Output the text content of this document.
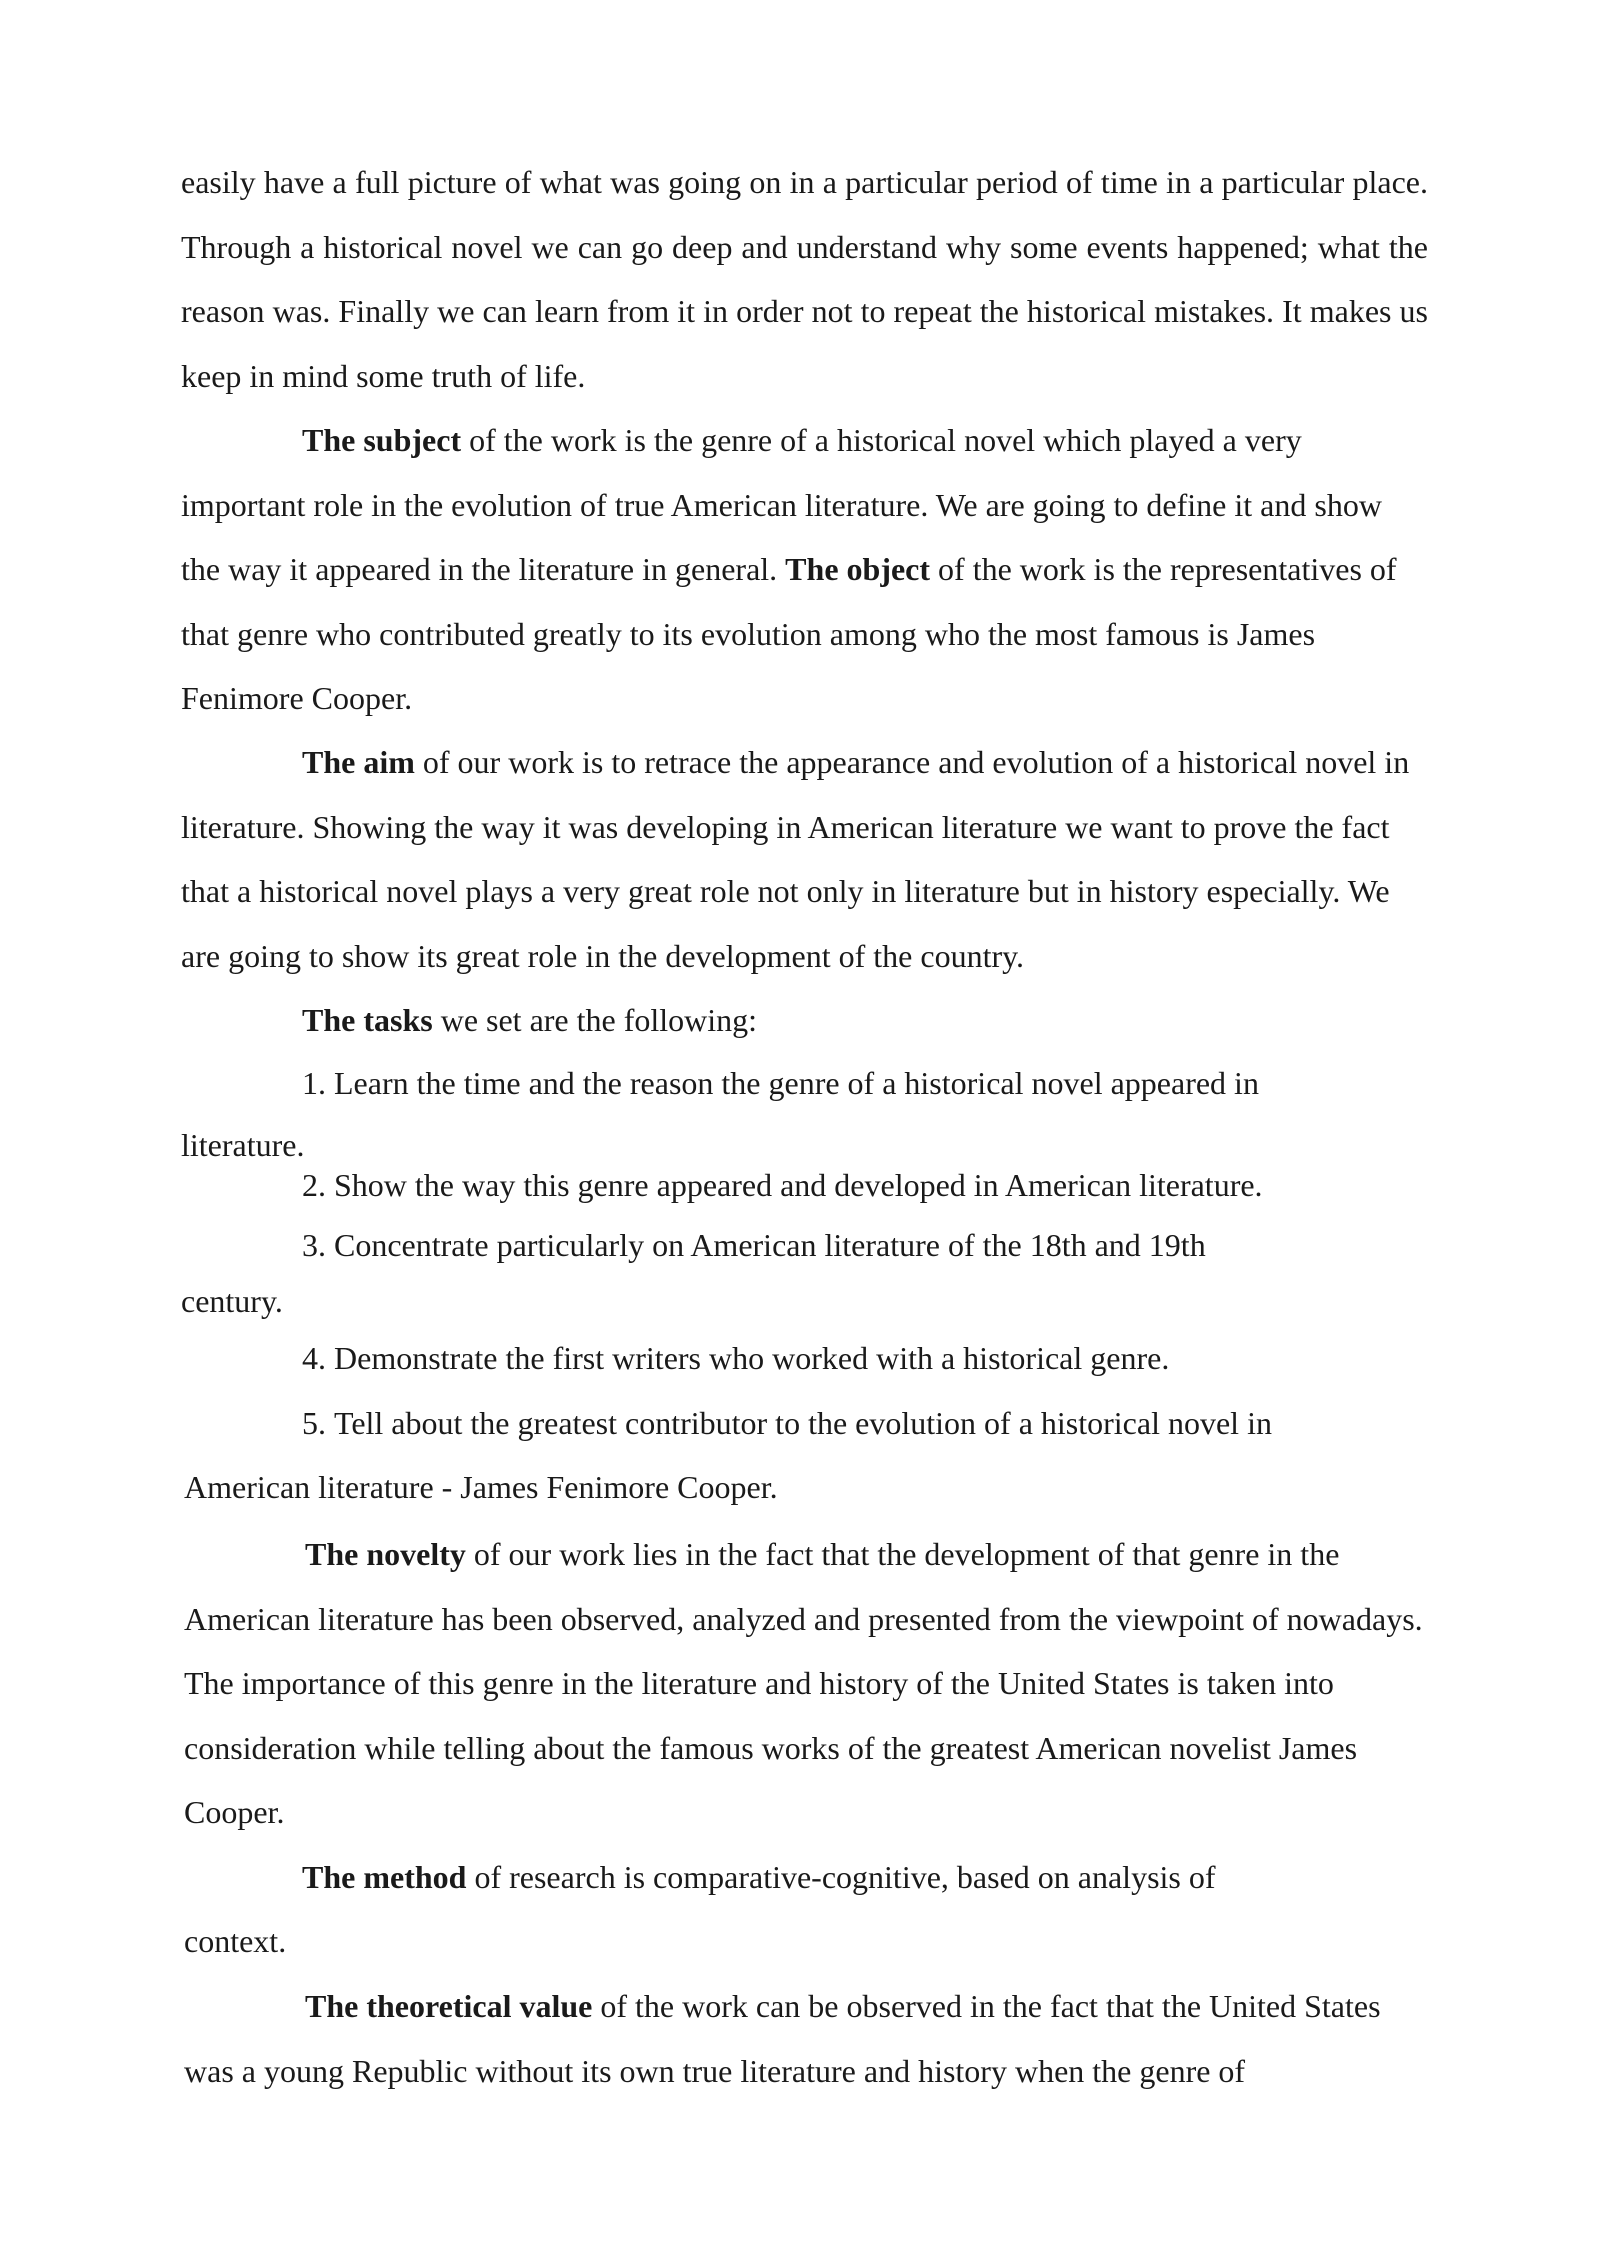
easily have a full picture of what was going on in a particular period of time in a particular place. Through a historical novel we can go deep and understand why some events happened; what the reason was. Finally we can learn from it in order not to repeat the historical mistakes. It makes us keep in mind some truth of life.
The subject of the work is the genre of a historical novel which played a very important role in the evolution of true American literature. We are going to define it and show the way it appeared in the literature in general. The object of the work is the representatives of that genre who contributed greatly to its evolution among who the most famous is James Fenimore Cooper.
The aim of our work is to retrace the appearance and evolution of a historical novel in literature. Showing the way it was developing in American literature we want to prove the fact that a historical novel plays a very great role not only in literature but in history especially. We are going to show its great role in the development of the country.
The tasks we set are the following:
1. Learn the time and the reason the genre of a historical novel appeared in
literature.
2. Show the way this genre appeared and developed in American literature.
3. Concentrate particularly on American literature of the 18th and 19th
century.
4. Demonstrate the first writers who worked with a historical genre.
5. Tell about the greatest contributor to the evolution of a historical novel in
American literature - James Fenimore Cooper.
The novelty of our work lies in the fact that the development of that genre in the American literature has been observed, analyzed and presented from the viewpoint of nowadays. The importance of this genre in the literature and history of the United States is taken into consideration while telling about the famous works of the greatest American novelist James Cooper.
The method of research is comparative-cognitive, based on analysis of
context.
The theoretical value of the work can be observed in the fact that the United States was a young Republic without its own true literature and history when the genre of
